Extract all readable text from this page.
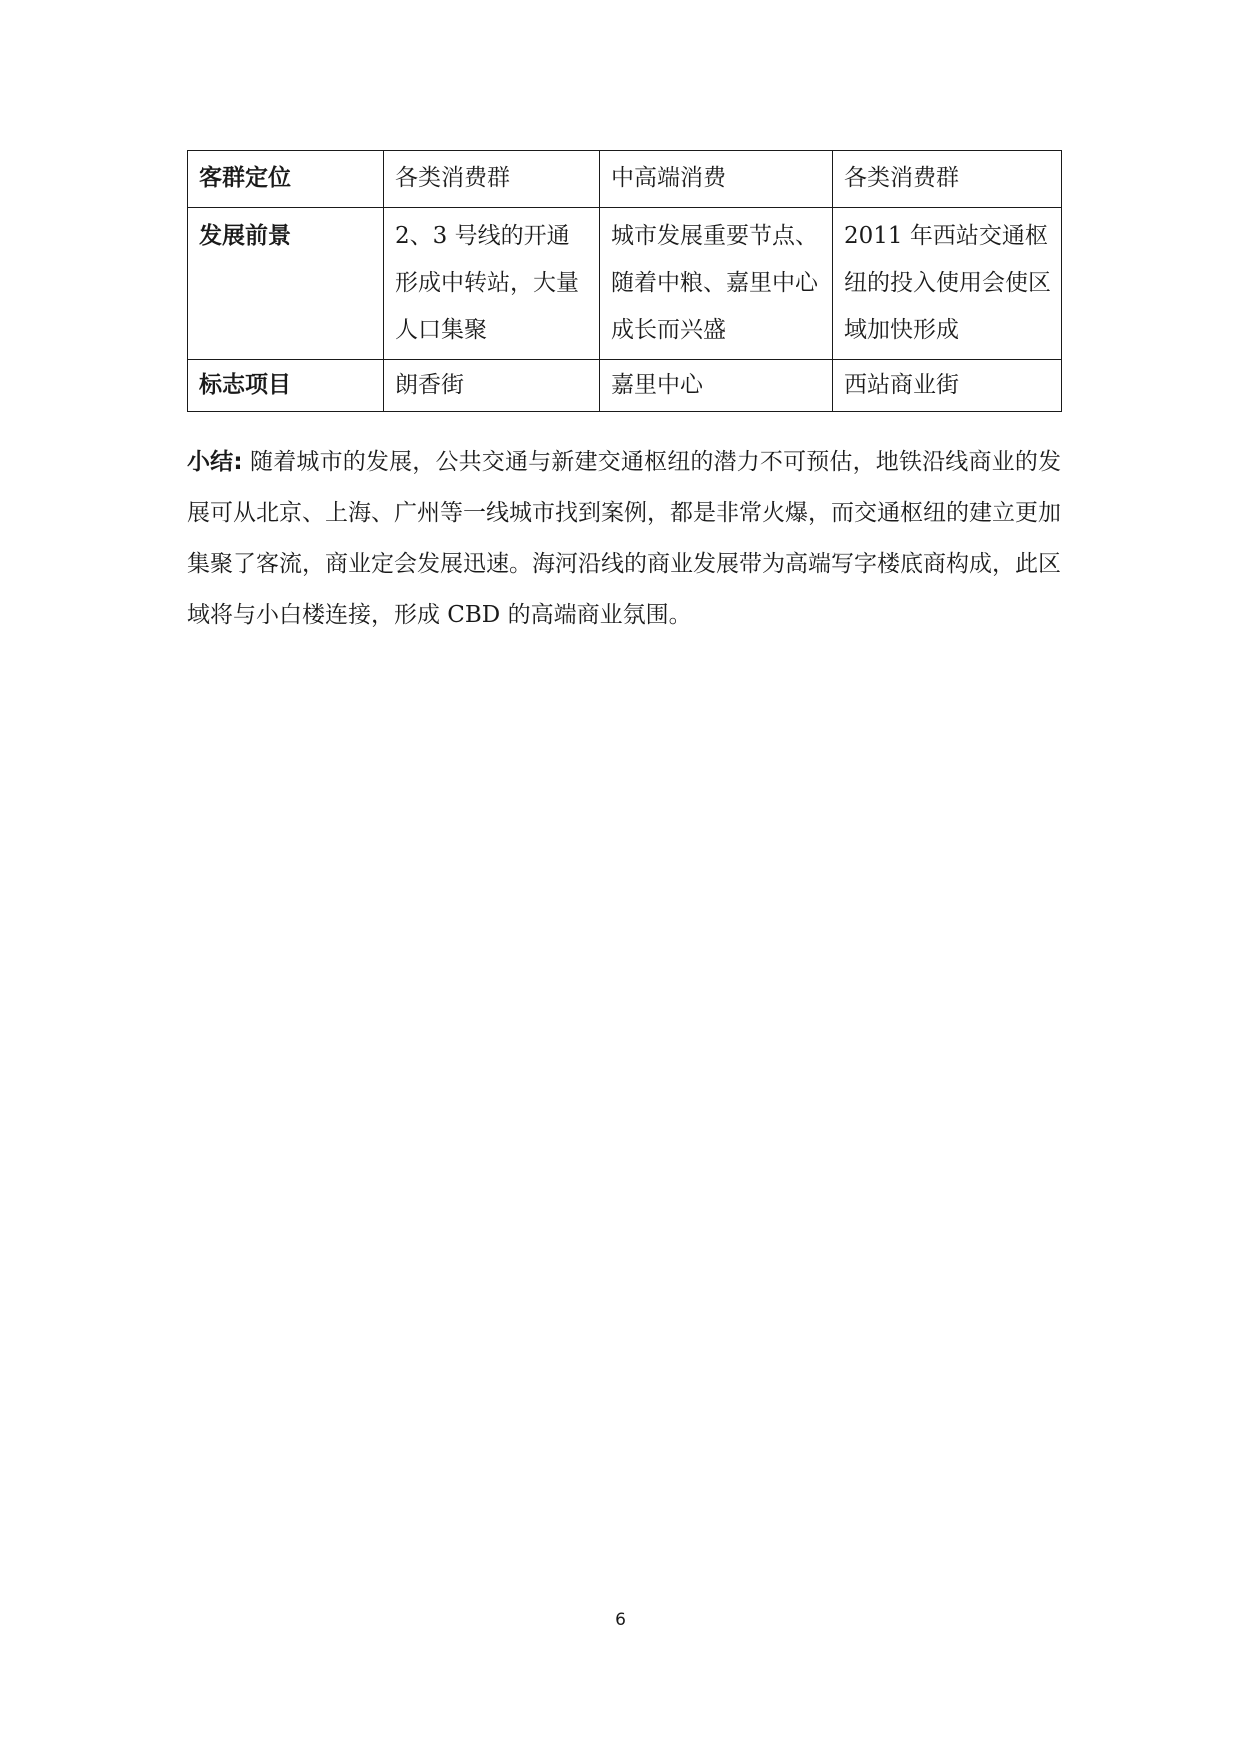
客群定位	各类消费群	中高端消费	各类消费群
发展前景	2、3 号线的开通形成中转站，大量人口集聚	城市发展重要节点、随着中粮、嘉里中心成长而兴盛	2011 年西站交通枢纽的投入使用会使区域加快形成
标志项目	朗香街	嘉里中心	西站商业街

小结: 随着城市的发展，公共交通与新建交通枢纽的潜力不可预估，地铁沿线商业的发展可从北京、上海、广州等一线城市找到案例，都是非常火爆，而交通枢纽的建立更加集聚了客流，商业定会发展迅速。海河沿线的商业发展带为高端写字楼底商构成，此区域将与小白楼连接，形成 CBD 的高端商业氛围。

6
